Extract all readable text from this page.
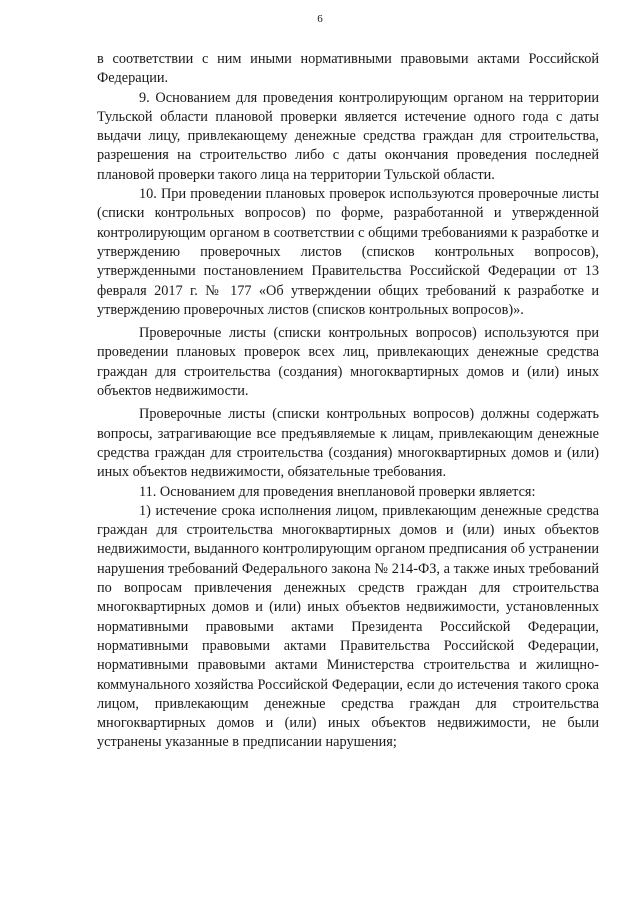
6

в соответствии с ним иными нормативными правовыми актами Российской Федерации.

9. Основанием для проведения контролирующим органом на территории Тульской области плановой проверки является истечение одного года с даты выдачи лицу, привлекающему денежные средства граждан для строительства, разрешения на строительство либо с даты окончания проведения последней плановой проверки такого лица на территории Тульской области.

10. При проведении плановых проверок используются проверочные листы (списки контрольных вопросов) по форме, разработанной и утвержденной контролирующим органом в соответствии с общими требованиями к разработке и утверждению проверочных листов (списков контрольных вопросов), утвержденными постановлением Правительства Российской Федерации от 13 февраля 2017 г. № 177 «Об утверждении общих требований к разработке и утверждению проверочных листов (списков контрольных вопросов)».

Проверочные листы (списки контрольных вопросов) используются при проведении плановых проверок всех лиц, привлекающих денежные средства граждан для строительства (создания) многоквартирных домов и (или) иных объектов недвижимости.

Проверочные листы (списки контрольных вопросов) должны содержать вопросы, затрагивающие все предъявляемые к лицам, привлекающим денежные средства граждан для строительства (создания) многоквартирных домов и (или) иных объектов недвижимости, обязательные требования.

11. Основанием для проведения внеплановой проверки является:

1) истечение срока исполнения лицом, привлекающим денежные средства граждан для строительства многоквартирных домов и (или) иных объектов недвижимости, выданного контролирующим органом предписания об устранении нарушения требований Федерального закона № 214-ФЗ, а также иных требований по вопросам привлечения денежных средств граждан для строительства многоквартирных домов и (или) иных объектов недвижимости, установленных нормативными правовыми актами Президента Российской Федерации, нормативными правовыми актами Правительства Российской Федерации, нормативными правовыми актами Министерства строительства и жилищно-коммунального хозяйства Российской Федерации, если до истечения такого срока лицом, привлекающим денежные средства граждан для строительства многоквартирных домов и (или) иных объектов недвижимости, не были устранены указанные в предписании нарушения;
